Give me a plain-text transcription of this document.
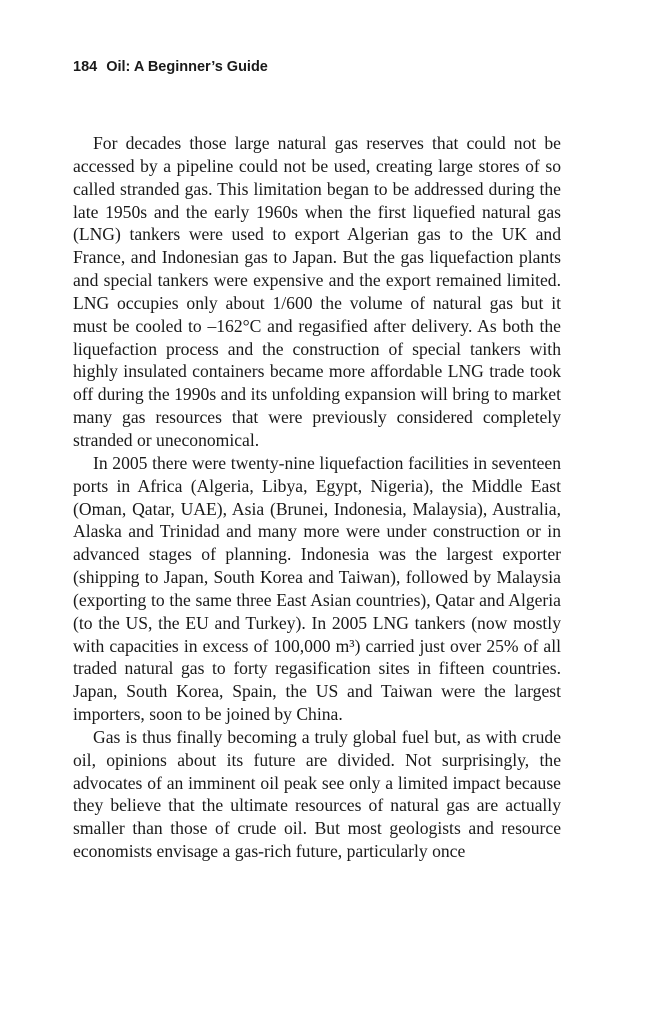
184 Oil: A Beginner’s Guide

For decades those large natural gas reserves that could not be accessed by a pipeline could not be used, creating large stores of so called stranded gas. This limitation began to be addressed during the late 1950s and the early 1960s when the first liquefied natural gas (LNG) tankers were used to export Algerian gas to the UK and France, and Indonesian gas to Japan. But the gas liquefaction plants and special tankers were expensive and the export remained limited. LNG occupies only about 1/600 the volume of natural gas but it must be cooled to –162°C and regasified after delivery. As both the liquefaction process and the construction of special tankers with highly insulated containers became more affordable LNG trade took off during the 1990s and its unfolding expansion will bring to market many gas resources that were previously considered completely stranded or uneconomical.

In 2005 there were twenty-nine liquefaction facilities in seventeen ports in Africa (Algeria, Libya, Egypt, Nigeria), the Middle East (Oman, Qatar, UAE), Asia (Brunei, Indonesia, Malaysia), Australia, Alaska and Trinidad and many more were under construction or in advanced stages of planning. Indonesia was the largest exporter (shipping to Japan, South Korea and Taiwan), followed by Malaysia (exporting to the same three East Asian countries), Qatar and Algeria (to the US, the EU and Turkey). In 2005 LNG tankers (now mostly with capacities in excess of 100,000 m³) carried just over 25% of all traded natural gas to forty regasification sites in fifteen countries. Japan, South Korea, Spain, the US and Taiwan were the largest importers, soon to be joined by China.

Gas is thus finally becoming a truly global fuel but, as with crude oil, opinions about its future are divided. Not surprisingly, the advocates of an imminent oil peak see only a limited impact because they believe that the ultimate resources of natural gas are actually smaller than those of crude oil. But most geologists and resource economists envisage a gas-rich future, particularly once
